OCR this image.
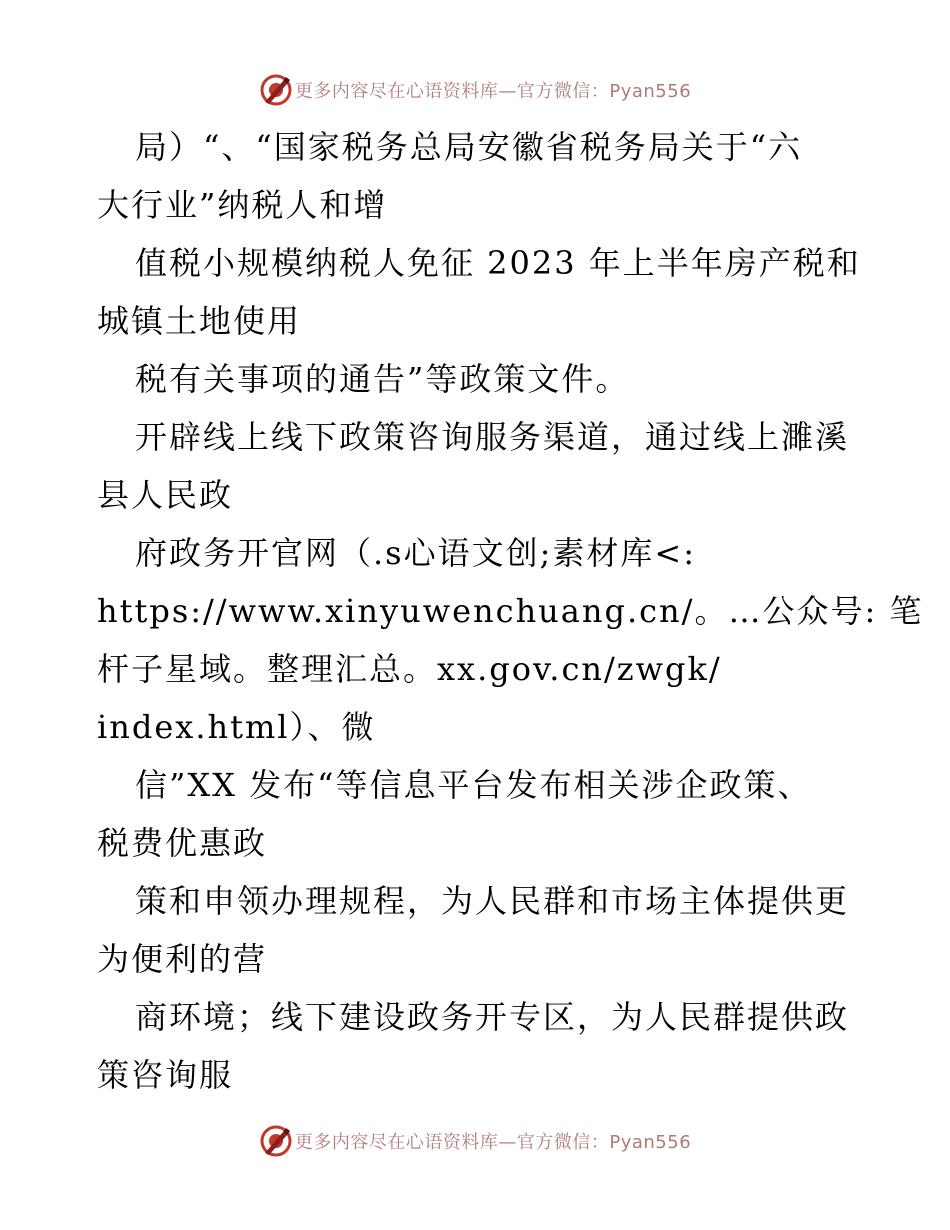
更多内容尽在心语资料库—官方微信：Pyan556
局）“、“国家税务总局安徽省税务局关于“六
大行业”纳税人和增
值税小规模纳税人免征 2023 年上半年房产税和
城镇土地使用
税有关事项的通告”等政策文件。
开辟线上线下政策咨询服务渠道，通过线上濉溪
县人民政
府政务开官网（.s心语文创;素材库<:
https://www.xinyuwenchuang.cn/。…公众号: 笔
杆子星域。整理汇总。xx.gov.cn/zwgk/
index.html）、微
信”XX 发布“等信息平台发布相关涉企政策、
税费优惠政
策和申领办理规程，为人民群和市场主体提供更
为便利的营
商环境；线下建设政务开专区，为人民群提供政
策咨询服
更多内容尽在心语资料库—官方微信：Pyan556
